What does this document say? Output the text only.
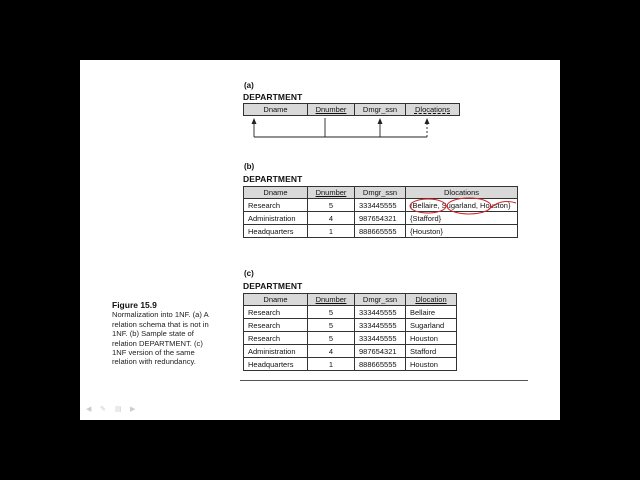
(a)
DEPARTMENT
Dname	Dnumber	Dmgr_ssn	Dlocations
(b)
DEPARTMENT
Dname	Dnumber	Dmgr_ssn	Dlocations
Research	5	333445555	{Bellaire, Sugarland, Houston}
Administration	4	987654321	{Stafford}
Headquarters	1	888665555	{Houston}
(c)
DEPARTMENT
Dname	Dnumber	Dmgr_ssn	Dlocation
Research	5	333445555	Bellaire
Research	5	333445555	Sugarland
Research	5	333445555	Houston
Administration	4	987654321	Stafford
Headquarters	1	888665555	Houston
Figure 15.9
Normalization into 1NF. (a) A
relation schema that is not in
1NF. (b) Sample state of
relation DEPARTMENT. (c)
1NF version of the same
relation with redundancy.
◀ ✎ ▤ ▶
